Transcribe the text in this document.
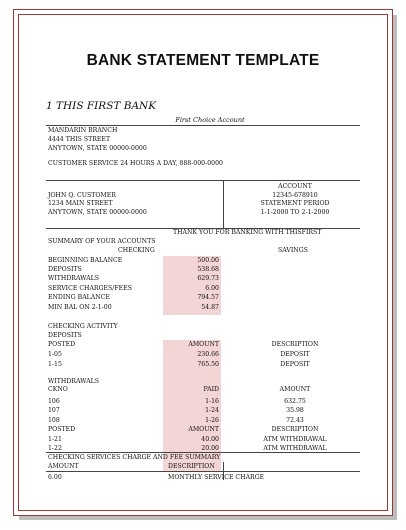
BANK STATEMENT TEMPLATE
1 THIS FIRST BANK
First Choice Account
MANDARIN BRANCH
4444 THIS STREET
ANYTOWN, STATE 00000-0000
CUSTOMER SERVICE 24 HOURS A DAY, 888-000-0000
JOHN Q. CUSTOMER
1234 MAIN STREET
ANYTOWN, STATE 00000-0000
ACCOUNT
12345-678910
STATEMENT PERIOD
1-1-2000 TO 2-1-2000
THANK YOU FOR BANKING WITH THISFIRST
SUMMARY OF YOUR ACCOUNTS
CHECKING	SAVINGS
BEGINNING BALANCE	500.00
DEPOSITS	538.68
WITHDRAWALS	629.73
SERVICE CHARGES/FEES	6.00
ENDING BALANCE	794.57
MIN BAL ON 2-1-00	54.87
CHECKING ACTIVITY
DEPOSITS
POSTED	AMOUNT	DESCRIPTION
1-05	230.66	DEPOSIT
1-15	765.50	DEPOSIT
WITHDRAWALS
CKNO	PAID	AMOUNT
106	1-16	632.75
107	1-24	35.98
108	1-26	72.43
POSTED	AMOUNT	DESCRIPTION
1-21	40.00	ATM WITHDRAWAL
1-22	20.00	ATM WITHDRAWAL
CHECKING SERVICES CHARGE AND FEE SUMMARY
AMOUNT	DESCRIPTION
6.00	MONTHLY SERVICE CHARGE
